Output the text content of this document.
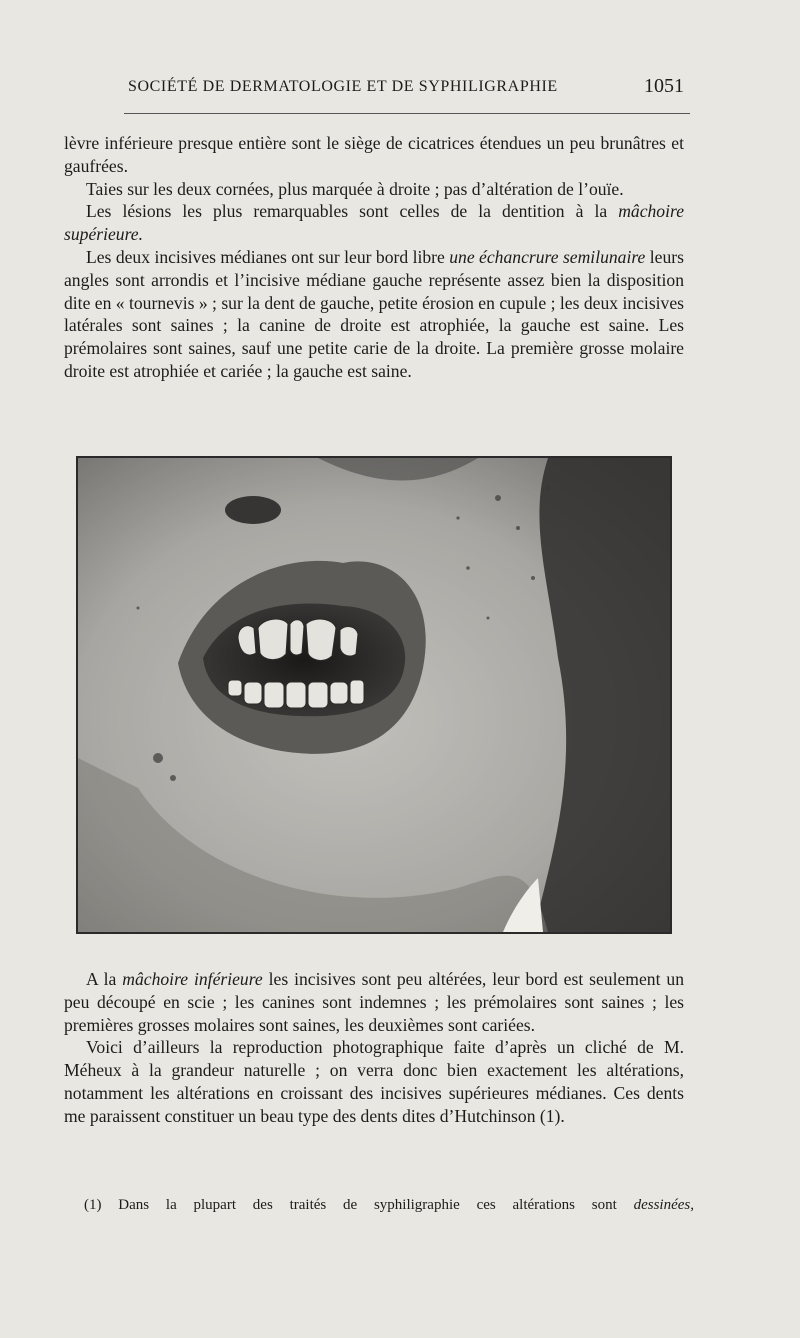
SOCIÉTÉ DE DERMATOLOGIE ET DE SYPHILIGRAPHIE	1051

lèvre inférieure presque entière sont le siège de cicatrices étendues un peu brunâtres et gaufrées.

Taies sur les deux cornées, plus marquée à droite ; pas d’altération de l’ouïe.

Les lésions les plus remarquables sont celles de la dentition à la mâchoire supérieure.

Les deux incisives médianes ont sur leur bord libre une échancrure semilunaire leurs angles sont arrondis et l’incisive médiane gauche représente assez bien la disposition dite en « tournevis » ; sur la dent de gauche, petite érosion en cupule ; les deux incisives latérales sont saines ; la canine de droite est atrophiée, la gauche est saine. Les prémolaires sont saines, sauf une petite carie de la droite. La première grosse molaire droite est atrophiée et cariée ; la gauche est saine.

A la mâchoire inférieure les incisives sont peu altérées, leur bord est seulement un peu découpé en scie ; les canines sont indemnes ; les prémolaires sont saines ; les premières grosses molaires sont saines, les deuxièmes sont cariées.

Voici d’ailleurs la reproduction photographique faite d’après un cliché de M. Méheux à la grandeur naturelle ; on verra donc bien exactement les altérations, notamment les altérations en croissant des incisives supérieures médianes. Ces dents me paraissent constituer un beau type des dents dites d’Hutchinson (1).

(1) Dans la plupart des traités de syphiligraphie ces altérations sont dessinées,
